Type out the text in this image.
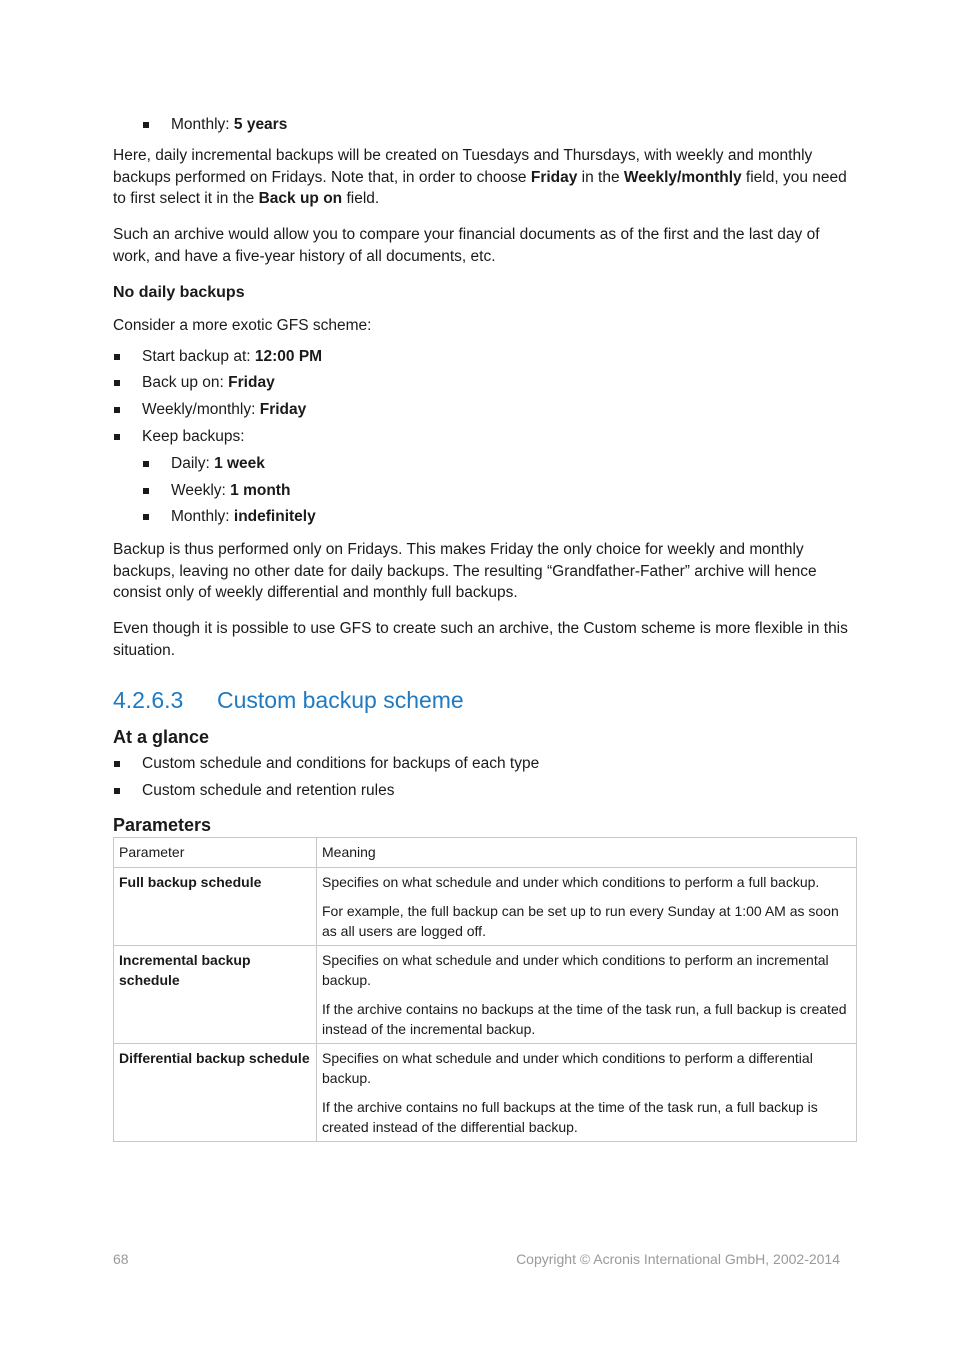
Monthly: 5 years

Here, daily incremental backups will be created on Tuesdays and Thursdays, with weekly and monthly backups performed on Fridays. Note that, in order to choose Friday in the Weekly/monthly field, you need to first select it in the Back up on field.

Such an archive would allow you to compare your financial documents as of the first and the last day of work, and have a five-year history of all documents, etc.

No daily backups

Consider a more exotic GFS scheme:

Start backup at: 12:00 PM
Back up on: Friday
Weekly/monthly: Friday
Keep backups:
Daily: 1 week
Weekly: 1 month
Monthly: indefinitely

Backup is thus performed only on Fridays. This makes Friday the only choice for weekly and monthly backups, leaving no other date for daily backups. The resulting “Grandfather-Father” archive will hence consist only of weekly differential and monthly full backups.

Even though it is possible to use GFS to create such an archive, the Custom scheme is more flexible in this situation.

4.2.6.3 Custom backup scheme
At a glance
Custom schedule and conditions for backups of each type
Custom schedule and retention rules
Parameters
Parameter	Meaning
Full backup schedule	Specifies on what schedule and under which conditions to perform a full backup.

For example, the full backup can be set up to run every Sunday at 1:00 AM as soon as all users are logged off.

Incremental backup schedule	Specifies on what schedule and under which conditions to perform an incremental backup.

If the archive contains no backups at the time of the task run, a full backup is created instead of the incremental backup.

Differential backup schedule	Specifies on what schedule and under which conditions to perform a differential backup.

If the archive contains no full backups at the time of the task run, a full backup is created instead of the differential backup.

68	Copyright © Acronis International GmbH, 2002-2014
